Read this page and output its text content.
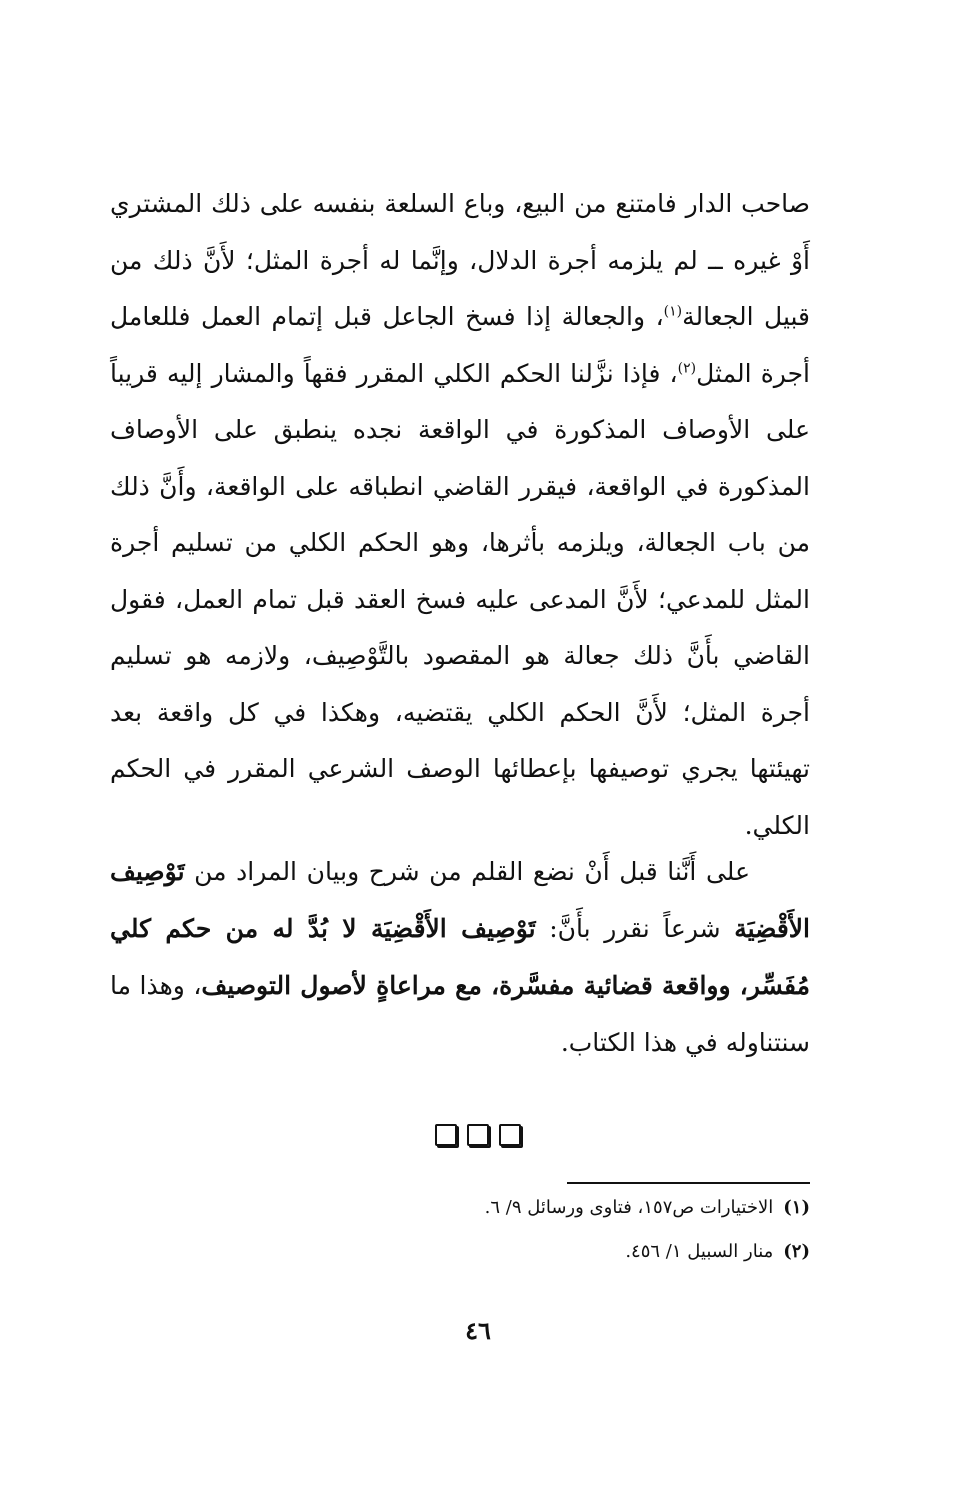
صاحب الدار فامتنع من البيع، وباع السلعة بنفسه على ذلك المشتري أَوْ غيره ــ لم يلزمه أجرة الدلال، وإنَّما له أجرة المثل؛ لأَنَّ ذلك من قبيل الجعالة$^{(١)}$، والجعالة إذا فسخ الجاعل قبل إتمام العمل فللعامل أجرة المثل$^{(٢)}$، فإذا نزَّلنا الحكم الكلي المقرر فقهاً والمشار إليه قريباً على الأوصاف المذكورة في الواقعة نجده ينطبق على الأوصاف المذكورة في الواقعة، فيقرر القاضي انطباقه على الواقعة، وأَنَّ ذلك من باب الجعالة، ويلزمه بأثرها، وهو الحكم الكلي من تسليم أجرة المثل للمدعي؛ لأَنَّ المدعى عليه فسخ العقد قبل تمام العمل، فقول القاضي بأَنَّ ذلك جعالة هو المقصود بالتَّوْصِيف، ولازمه هو تسليم أجرة المثل؛ لأَنَّ الحكم الكلي يقتضيه، وهكذا في كل واقعة بعد تهيئتها يجري توصيفها بإعطائها الوصف الشرعي المقرر في الحكم الكلي.

على أَنَّنا قبل أَنْ نضع القلم من شرح وبيان المراد من تَوْصِيف الأَقْضِيَة شرعاً نقرر بأَنَّ: تَوْصِيف الأَقْضِيَة لا بُدَّ له من حكم كلي مُفَسِّر، وواقعة قضائية مفسَّرة، مع مراعاةٍ لأصول التوصيف، وهذا ما سنتناوله في هذا الكتاب.

(١)الاختيارات ص١٥٧، فتاوى ورسائل ٩/ ٦.
(٢)منار السبيل ١/ ٤٥٦.
٤٦
